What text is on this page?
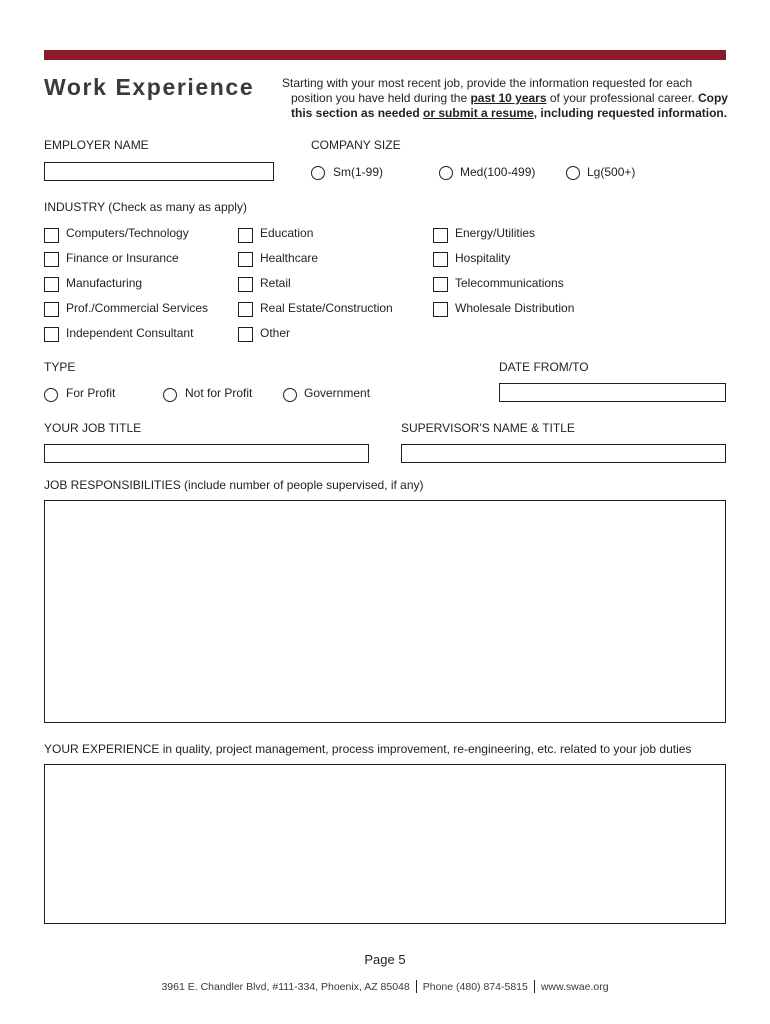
Work Experience Starting with your most recent job, provide the information requested for each
position you have held during the past 10 years of your professional career. Copy
this section as needed or submit a resume, including requested information.
EMPLOYER NAME	COMPANY SIZE
Sm(1-99)	Med(100-499)	Lg(500+)
INDUSTRY (Check as many as apply)
Computers/Technology
Finance or Insurance
Manufacturing
Prof./Commercial Services
Independent Consultant
Education
Healthcare
Retail
Real Estate/Construction
Other
Energy/Utilities
Hospitality
Telecommunications
Wholesale Distribution
TYPE
For Profit	Not for Profit	Government
DATE FROM/TO
YOUR JOB TITLE	SUPERVISOR'S NAME & TITLE
JOB RESPONSIBILITIES (include number of people supervised, if any)
YOUR EXPERIENCE in quality, project management, process improvement, re-engineering, etc. related to your job duties
Page 5
3961 E. Chandler Blvd, #111-334, Phoenix, AZ 85048 Phone (480) 874-5815 www.swae.org
